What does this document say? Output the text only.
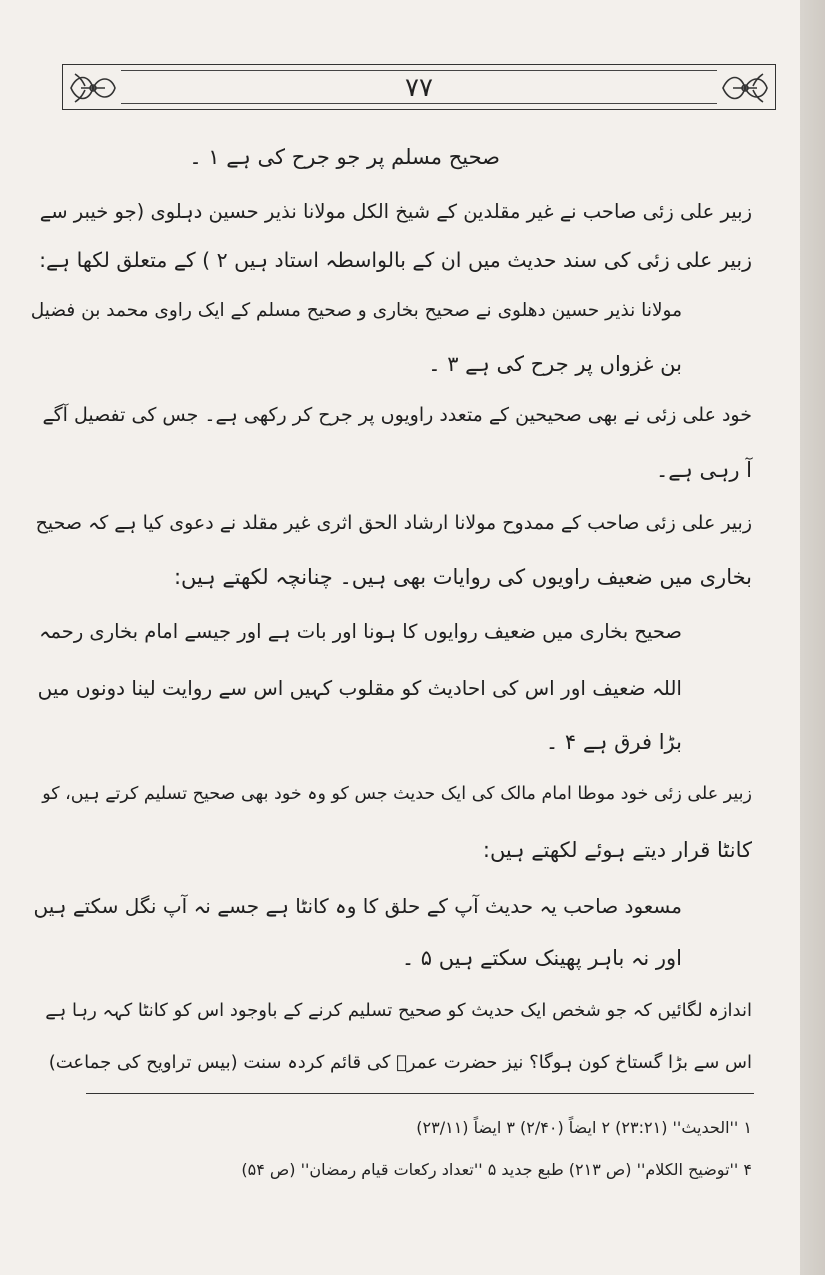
۷۷
صحیح مسلم پر جو جرح کی ہے ۱ ۔
زبیر علی زئی صاحب نے غیر مقلدین کے شیخ الکل مولانا نذیر حسین دہلوی (جو خیبر سے
زبیر علی زئی کی سند حدیث میں ان کے بالواسطہ استاد ہیں ۲ ) کے متعلق لکھا ہے:
مولانا نذیر حسین دھلوی نے صحیح بخاری و صحیح مسلم کے ایک راوی محمد بن فضیل
بن غزواں پر جرح کی ہے ۳ ۔
خود علی زئی نے بھی صحیحین کے متعدد راویوں پر جرح کر رکھی ہے۔ جس کی تفصیل آگے
آ رہی ہے۔
زبیر علی زئی صاحب کے ممدوح مولانا ارشاد الحق اثری غیر مقلد نے دعوی کیا ہے کہ صحیح
بخاری میں ضعیف راویوں کی روایات بھی ہیں۔ چنانچہ لکھتے ہیں:
صحیح بخاری میں ضعیف روایوں کا ہونا اور بات ہے اور جیسے امام بخاری رحمہ
اللہ ضعیف اور اس کی احادیث کو مقلوب کہیں اس سے روایت لینا دونوں میں
بڑا فرق ہے ۴ ۔
زبیر علی زئی خود موطا امام مالک کی ایک حدیث جس کو وہ خود بھی صحیح تسلیم کرتے ہیں، کو
کانٹا قرار دیتے ہوئے لکھتے ہیں:
مسعود صاحب یہ حدیث آپ کے حلق کا وہ کانٹا ہے جسے نہ آپ نگل سکتے ہیں
اور نہ باہر پھینک سکتے ہیں ۵ ۔
اندازہ لگائیں کہ جو شخص ایک حدیث کو صحیح تسلیم کرنے کے باوجود اس کو کانٹا کہہ رہا ہے
اس سے بڑا گستاخ کون ہوگا؟ نیز حضرت عمرؓ کی قائم کردہ سنت (بیس تراویح کی جماعت)
۱ ''الحدیث'' (۲۳:۲۱) ۲ ایضاً (۲/۴۰) ۳ ایضاً (۲۳/۱۱)
۴ ''توضیح الکلام'' (ص ۲۱۳) طبع جدید ۵ ''تعداد رکعات قیام رمضان'' (ص ۵۴)
